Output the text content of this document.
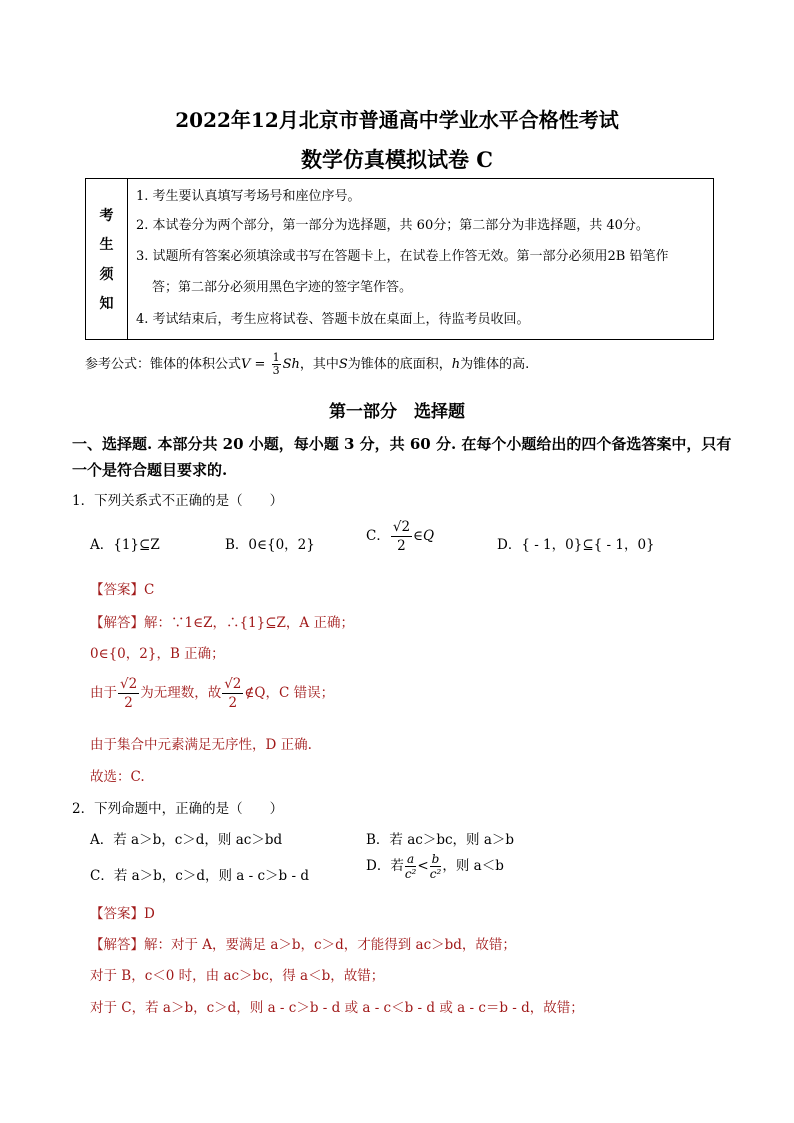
2022年12月北京市普通高中学业水平合格性考试
数学仿真模拟试卷 C
考
生
须
知
1. 考生要认真填写考场号和座位序号。
2. 本试卷分为两个部分，第一部分为选择题，共 60分；第二部分为非选择题，共 40分。
3. 试题所有答案必须填涂或书写在答题卡上，在试卷上作答无效。第一部分必须用2B 铅笔作
答；第二部分必须用黑色字迹的签字笔作答。
4. 考试结束后，考生应将试卷、答题卡放在桌面上，待监考员收回。
参考公式：锥体的体积公式$V = \frac{1}{3}$ Sh，其中S为锥体的底面积，h为锥体的高.
第一部分　选择题
一、选择题. 本部分共 20 小题，每小题 3 分，共 60 分. 在每个小题给出的四个备选答案中，只有一个是符合题目要求的.
1．下列关系式不正确的是（　　）
A．{1}⊆Z	B．0∈{0，2}
C． $\frac{√2}{2}$ ∈Q
D．{ - 1，0}⊆{ - 1，0}
【答案】C
【解答】解：∵1∈Z，∴{1}⊆Z，A 正确；
0∈{0，2}，B 正确；
由于 $\frac{√2}{2}$ 为无理数，故 $\frac{√2}{2}$ ∉Q，C 错误；
由于集合中元素满足无序性，D 正确.
故选：C.
2．下列命题中，正确的是（　　）
A．若 a＞b，c＞d，则 ac＞bd	B．若 ac＞bc，则 a＞b
C．若 a＞b，c＞d，则 a - c＞b - d
D．若 $\frac{a}{\text{c²}} < \frac{b}{\text{c²}}$ ，则 a＜b
【答案】D
【解答】解：对于 A，要满足 a＞b，c＞d，才能得到 ac＞bd，故错；
对于 B，c＜0 时，由 ac＞bc，得 a＜b，故错；
对于 C，若 a＞b，c＞d，则 a - c＞b - d 或 a - c＜b - d 或 a - c＝b - d，故错；
